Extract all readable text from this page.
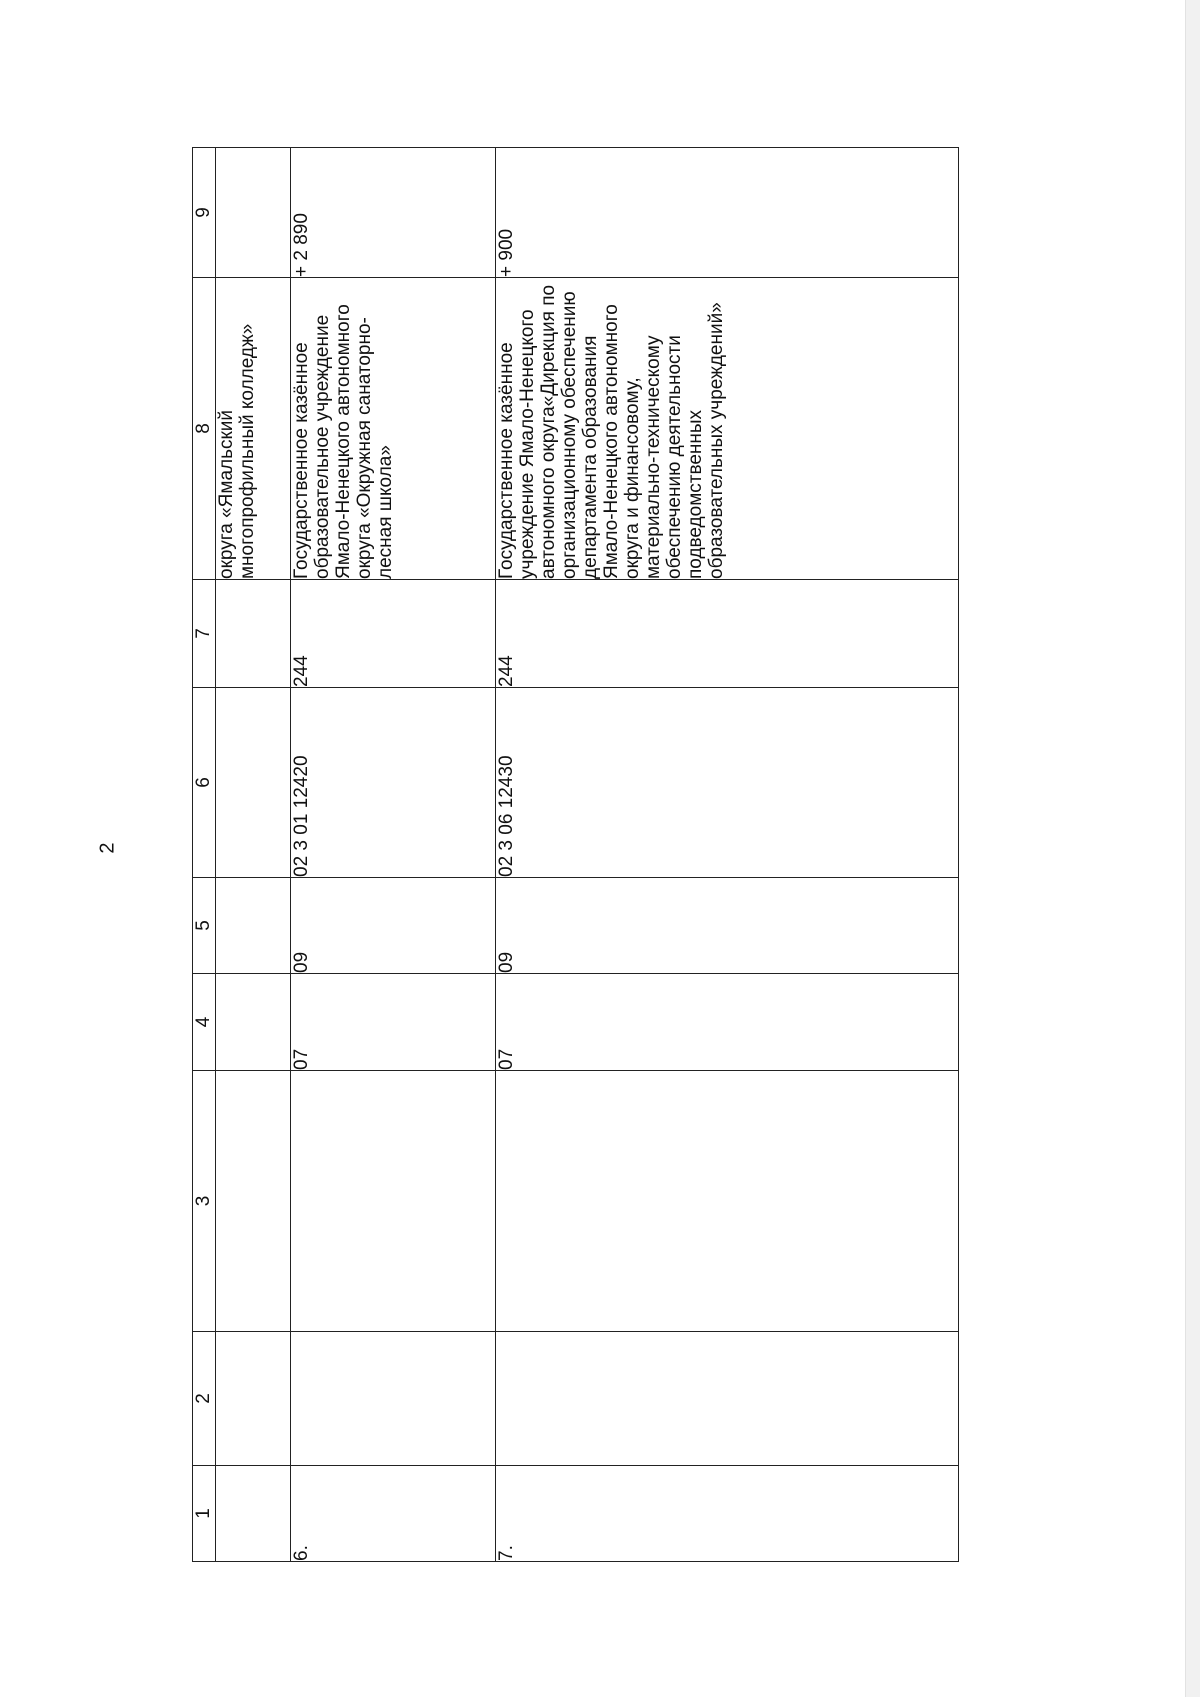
2
1	2	3	4	5	6	7	8	9
							округа «Ямальский многопрофильный колледж»	
6.			07	09	02 3 01 12420	244	Государственное казённое образовательное учреждение Ямало-Ненецкого автономного округа «Окружная санаторно-лесная школа»	+ 2 890
7.			07	09	02 3 06 12430	244	Государственное казённое учреждение Ямало-Ненецкого автономного округа«Дирекция по организационному обеспечению департамента образования Ямало-Ненецкого автономного округа и финансовому, материально-техническому обеспечению деятельности подведомственных образовательных учреждений»	+ 900
